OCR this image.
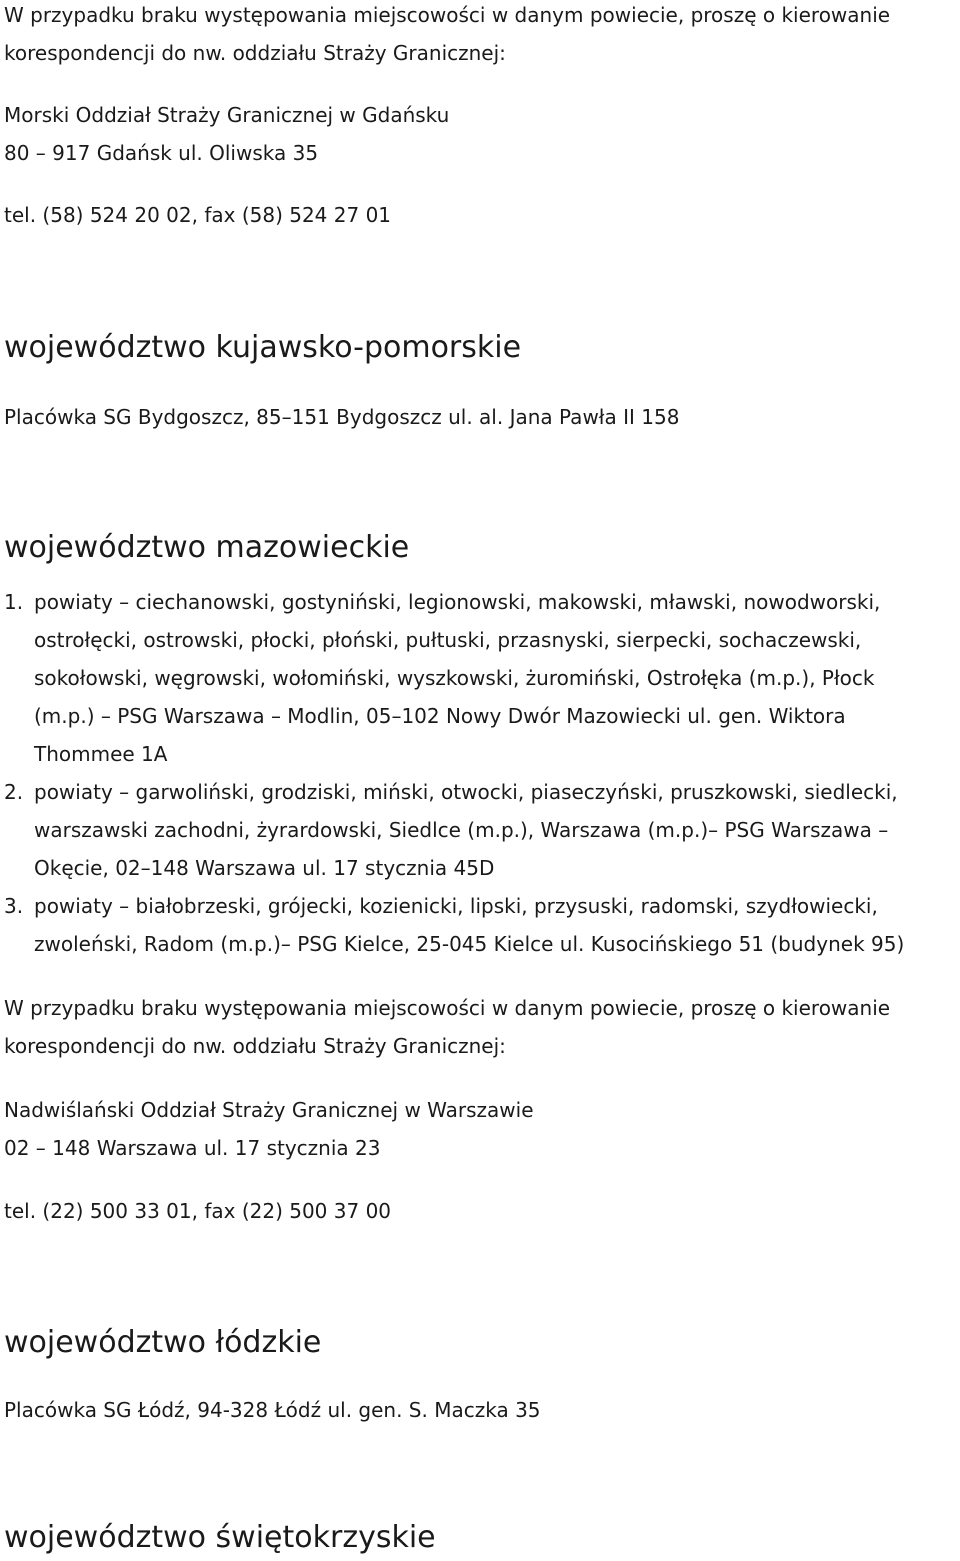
W przypadku braku występowania miejscowości w danym powiecie, proszę o kierowanie

korespondencji do nw. oddziału Straży Granicznej:

Morski Oddział Straży Granicznej w Gdańsku

80 – 917 Gdańsk ul. Oliwska 35

tel. (58) 524 20 02, fax (58) 524 27 01

województwo kujawsko-pomorskie

Placówka SG Bydgoszcz, 85–151 Bydgoszcz ul. al. Jana Pawła II 158

województwo mazowieckie
1. powiaty – ciechanowski, gostyniński, legionowski, makowski, mławski, nowodworski,
ostrołęcki, ostrowski, płocki, płoński, pułtuski, przasnyski, sierpecki, sochaczewski,
sokołowski, węgrowski, wołomiński, wyszkowski, żuromiński, Ostrołęka (m.p.), Płock
(m.p.) – PSG Warszawa – Modlin, 05–102 Nowy Dwór Mazowiecki ul. gen. Wiktora
Thommee 1A
2. powiaty – garwoliński, grodziski, miński, otwocki, piaseczyński, pruszkowski, siedlecki,
warszawski zachodni, żyrardowski, Siedlce (m.p.), Warszawa (m.p.)– PSG Warszawa –
Okęcie, 02–148 Warszawa ul. 17 stycznia 45D
3. powiaty – białobrzeski, grójecki, kozienicki, lipski, przysuski, radomski, szydłowiecki,
zwoleński, Radom (m.p.)– PSG Kielce, 25-045 Kielce ul. Kusocińskiego 51 (budynek 95)

W przypadku braku występowania miejscowości w danym powiecie, proszę o kierowanie

korespondencji do nw. oddziału Straży Granicznej:

Nadwiślański Oddział Straży Granicznej w Warszawie

02 – 148 Warszawa ul. 17 stycznia 23

tel. (22) 500 33 01, fax (22) 500 37 00

województwo łódzkie

Placówka SG Łódź, 94-328 Łódź ul. gen. S. Maczka 35

województwo świętokrzyskie
